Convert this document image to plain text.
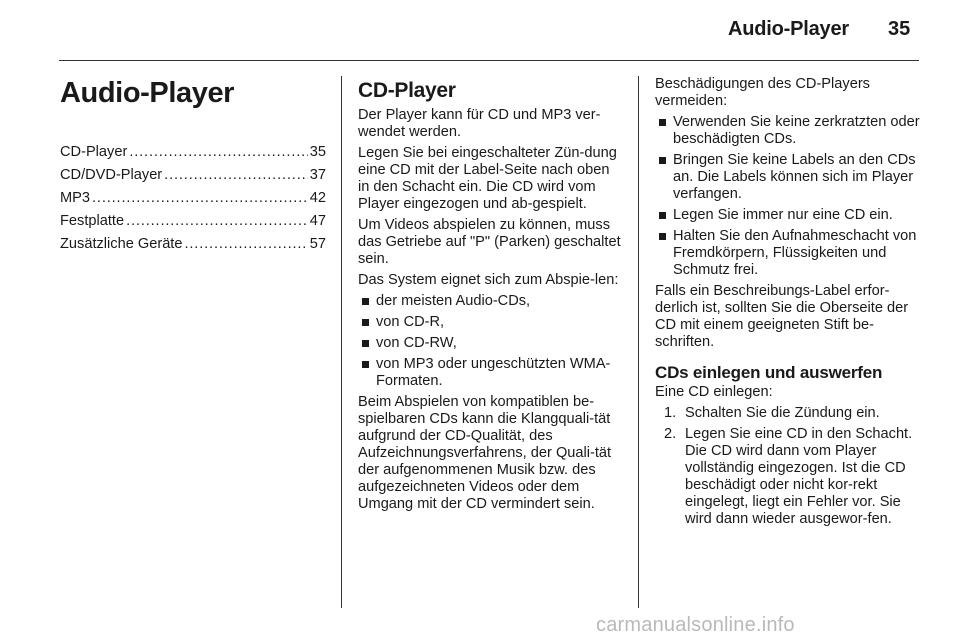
Audio-Player 35
Audio-Player
CD-Player . . .	35
CD/DVD-Player . . .	37
MP3 . . .	42
Festplatte . . .	47
Zusätzliche Geräte . . .	57
CD-Player

Der Player kann für CD und MP3 ver-wendet werden.

Legen Sie bei eingeschalteter Zün-dung eine CD mit der Label-Seite nach oben in den Schacht ein. Die CD wird vom Player eingezogen und ab-gespielt.

Um Videos abspielen zu können, muss das Getriebe auf "P" (Parken) geschaltet sein.

Das System eignet sich zum Abspie-len:

der meisten Audio-CDs,
von CD-R,
von CD-RW,
von MP3 oder ungeschützten WMA-Formaten.

Beim Abspielen von kompatiblen be-spielbaren CDs kann die Klangquali-tät aufgrund der CD-Qualität, des Aufzeichnungsverfahrens, der Quali-tät der aufgenommenen Musik bzw. des aufgezeichneten Videos oder dem Umgang mit der CD vermindert sein.

Beschädigungen des CD-Players vermeiden:

Verwenden Sie keine zerkratzten oder beschädigten CDs.
Bringen Sie keine Labels an den CDs an. Die Labels können sich im Player verfangen.
Legen Sie immer nur eine CD ein.
Halten Sie den Aufnahmeschacht von Fremdkörpern, Flüssigkeiten und Schmutz frei.

Falls ein Beschreibungs-Label erfor-derlich ist, sollten Sie die Oberseite der CD mit einem geeigneten Stift be-schriften.

CDs einlegen und auswerfen

Eine CD einlegen:

1. Schalten Sie die Zündung ein.
2. Legen Sie eine CD in den Schacht. Die CD wird dann vom Player vollständig eingezogen. Ist die CD beschädigt oder nicht kor-rekt eingelegt, liegt ein Fehler vor. Sie wird dann wieder ausgewor-fen.
carmanualsonline.info
